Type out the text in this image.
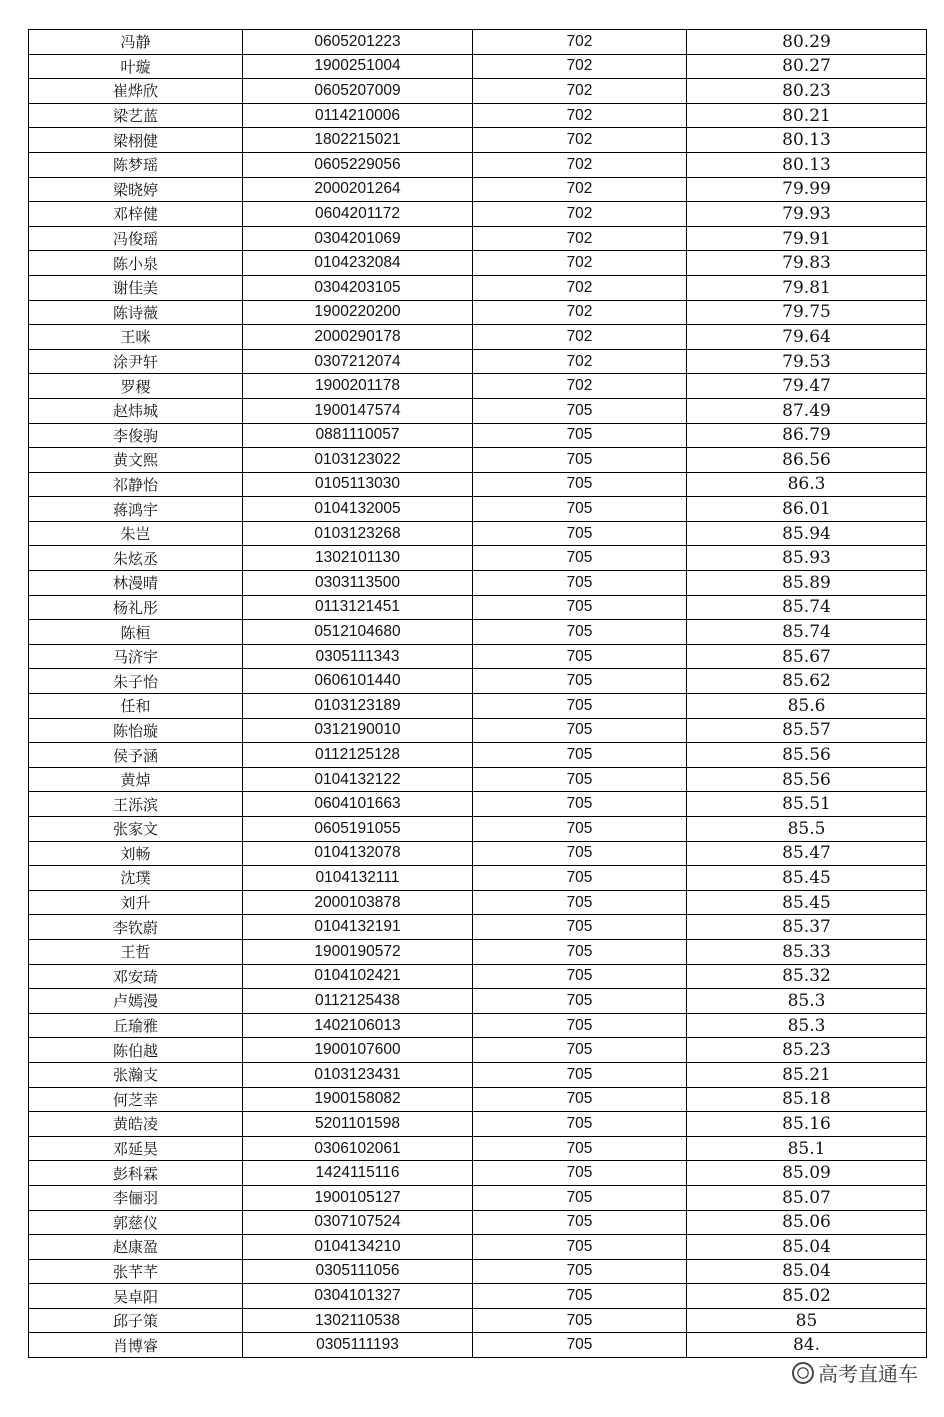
冯静	0605201223	702	80.29
叶璇	1900251004	702	80.27
崔烨欣	0605207009	702	80.23
梁艺蓝	0114210006	702	80.21
梁栩健	1802215021	702	80.13
陈梦瑶	0605229056	702	80.13
梁晓婷	2000201264	702	79.99
邓梓健	0604201172	702	79.93
冯俊瑶	0304201069	702	79.91
陈小泉	0104232084	702	79.83
谢佳美	0304203105	702	79.81
陈诗薇	1900220200	702	79.75
王咪	2000290178	702	79.64
涂尹轩	0307212074	702	79.53
罗稷	1900201178	702	79.47
赵炜城	1900147574	705	87.49
李俊驹	0881110057	705	86.79
黄文熙	0103123022	705	86.56
祁静怡	0105113030	705	86.3
蒋鸿宇	0104132005	705	86.01
朱岂	0103123268	705	85.94
朱炫丞	1302101130	705	85.93
林漫晴	0303113500	705	85.89
杨礼彤	0113121451	705	85.74
陈桓	0512104680	705	85.74
马济宇	0305111343	705	85.67
朱子怡	0606101440	705	85.62
任和	0103123189	705	85.6
陈怡璇	0312190010	705	85.57
侯予涵	0112125128	705	85.56
黄焯	0104132122	705	85.56
王泺滨	0604101663	705	85.51
张家文	0605191055	705	85.5
刘畅	0104132078	705	85.47
沈璞	0104132111	705	85.45
刘升	2000103878	705	85.45
李钦蔚	0104132191	705	85.37
王哲	1900190572	705	85.33
邓安琦	0104102421	705	85.32
卢嫣漫	0112125438	705	85.3
丘瑜雅	1402106013	705	85.3
陈伯越	1900107600	705	85.23
张瀚支	0103123431	705	85.21
何芝幸	1900158082	705	85.18
黄皓凌	5201101598	705	85.16
邓延昊	0306102061	705	85.1
彭科霖	1424115116	705	85.09
李俪羽	1900105127	705	85.07
郭慈仪	0307107524	705	85.06
赵康盈	0104134210	705	85.04
张芊芊	0305111056	705	85.04
吴卓阳	0304101327	705	85.02
邱子策	1302110538	705	85
肖博睿	0305111193	705	84.
高考直通车
